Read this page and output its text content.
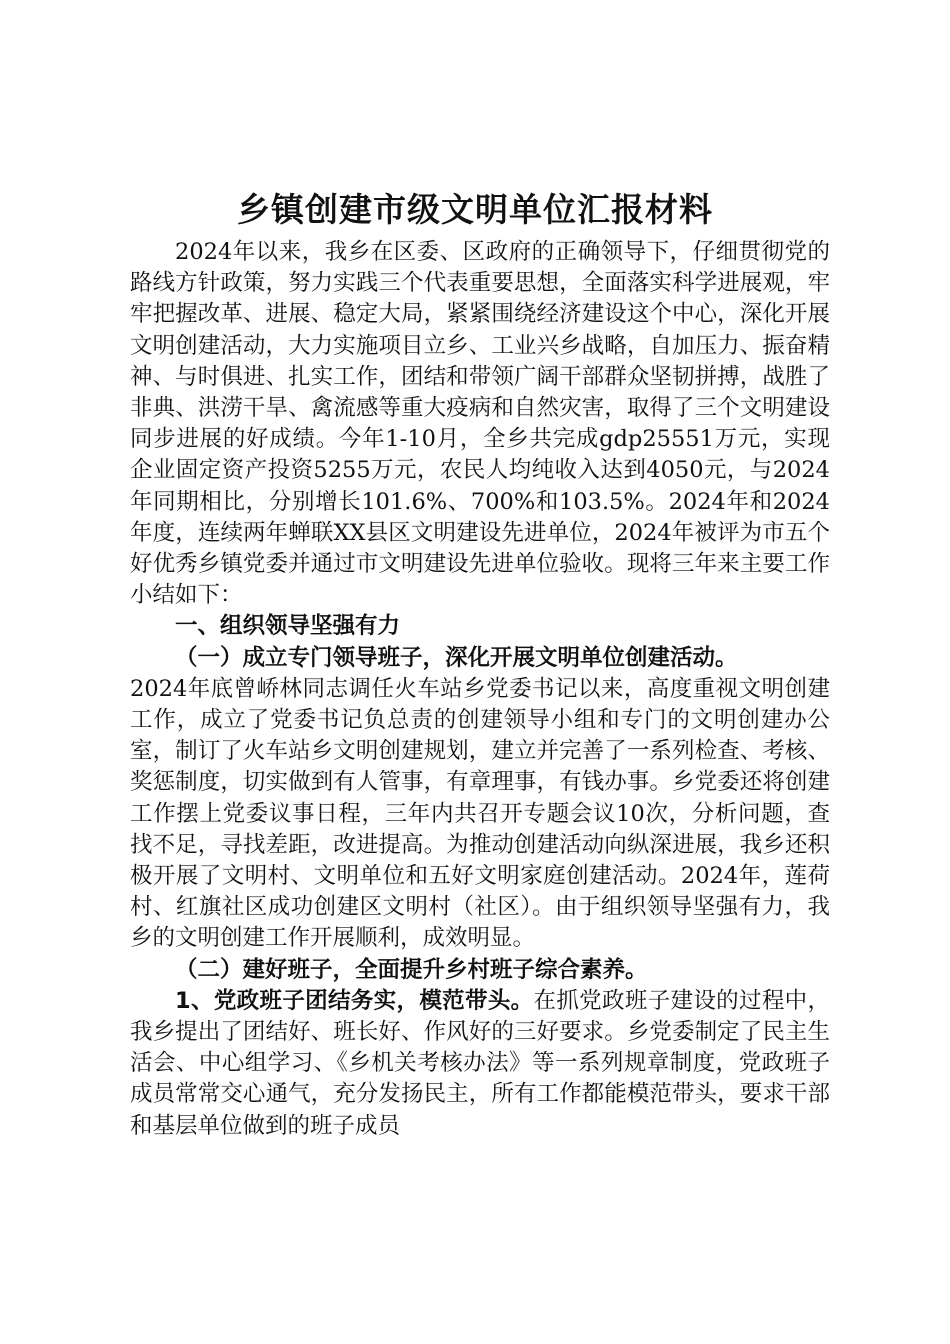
乡镇创建市级文明单位汇报材料

2024年以来，我乡在区委、区政府的正确领导下，仔细贯彻党的路线方针政策，努力实践三个代表重要思想，全面落实科学进展观，牢牢把握改革、进展、稳定大局，紧紧围绕经济建设这个中心，深化开展文明创建活动，大力实施项目立乡、工业兴乡战略，自加压力、振奋精神、与时俱进、扎实工作，团结和带领广阔干部群众坚韧拼搏，战胜了非典、洪涝干旱、禽流感等重大疫病和自然灾害，取得了三个文明建设同步进展的好成绩。今年1-10月，全乡共完成gdp25551万元，实现企业固定资产投资5255万元，农民人均纯收入达到4050元，与2024年同期相比，分别增长101.6%、700%和103.5%。2024年和2024年度，连续两年蝉联XX县区文明建设先进单位，2024年被评为市五个好优秀乡镇党委并通过市文明建设先进单位验收。现将三年来主要工作小结如下：

一、组织领导坚强有力

（一）成立专门领导班子，深化开展文明单位创建活动。

2024年底曾峤林同志调任火车站乡党委书记以来，高度重视文明创建工作，成立了党委书记负总责的创建领导小组和专门的文明创建办公室，制订了火车站乡文明创建规划，建立并完善了一系列检查、考核、奖惩制度，切实做到有人管事，有章理事，有钱办事。乡党委还将创建工作摆上党委议事日程，三年内共召开专题会议10次，分析问题，查找不足，寻找差距，改进提高。为推动创建活动向纵深进展，我乡还积极开展了文明村、文明单位和五好文明家庭创建活动。2024年，莲荷村、红旗社区成功创建区文明村（社区）。由于组织领导坚强有力，我乡的文明创建工作开展顺利，成效明显。

（二）建好班子，全面提升乡村班子综合素养。

1、党政班子团结务实，模范带头。在抓党政班子建设的过程中，我乡提出了团结好、班长好、作风好的三好要求。乡党委制定了民主生活会、中心组学习、《乡机关考核办法》等一系列规章制度，党政班子成员常常交心通气，充分发扬民主，所有工作都能模范带头，要求干部和基层单位做到的班子成员
